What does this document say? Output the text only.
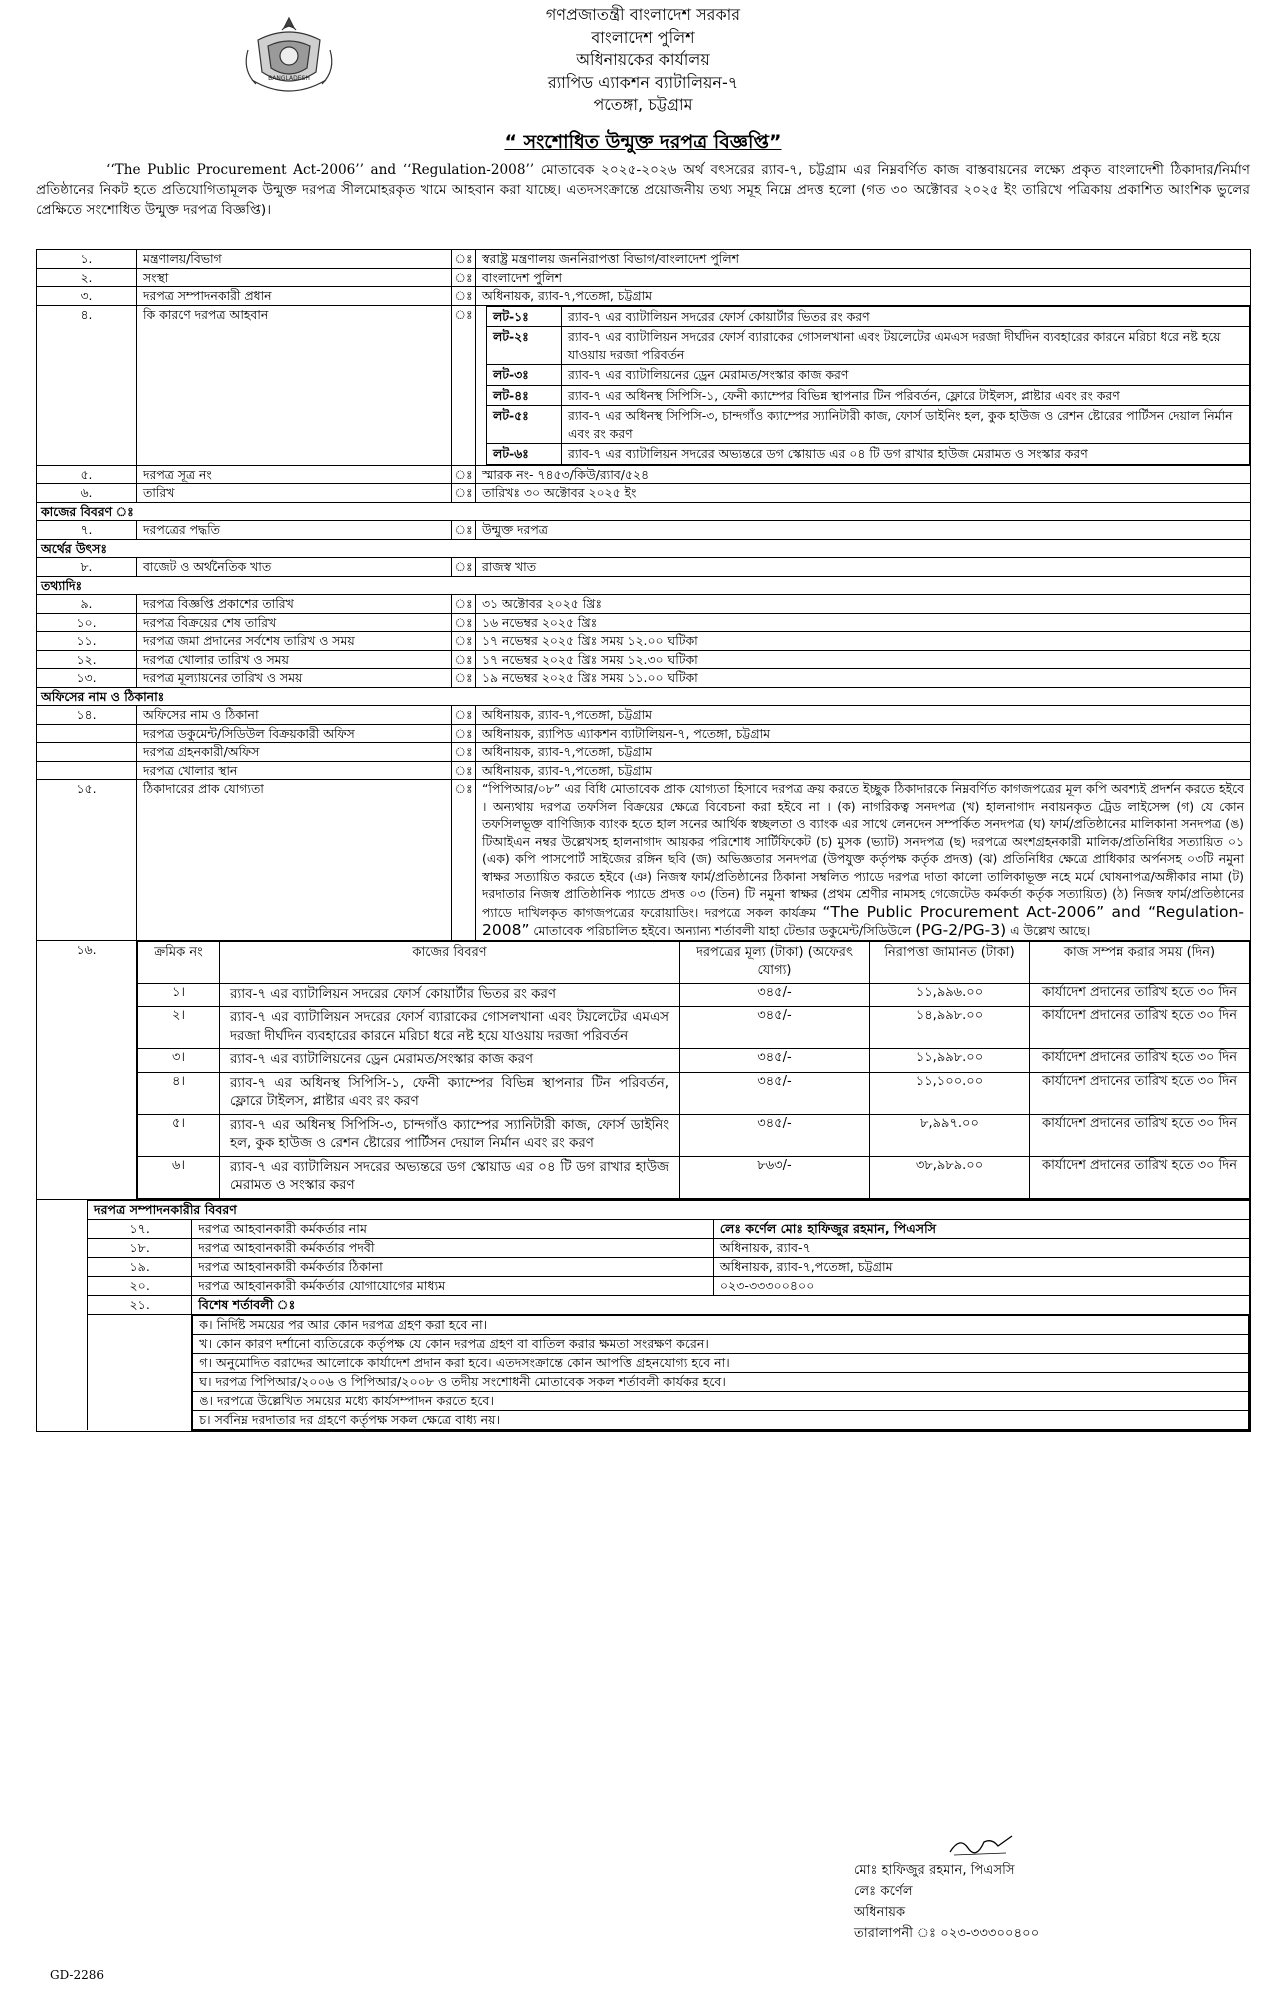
BANGLADESH
গণপ্রজাতন্ত্রী বাংলাদেশ সরকার
বাংলাদেশ পুলিশ
অধিনায়কের কার্যালয়
র‌্যাপিড এ্যাকশন ব্যাটালিয়ন-৭
পতেঙ্গা, চট্টগ্রাম
“ সংশোধিত উন্মুক্ত দরপত্র বিজ্ঞপ্তি”
‘‘The Public Procurement Act-2006’’ and ‘‘Regulation-2008’’ মোতাবেক ২০২৫-২০২৬ অর্থ বৎসরের র‌্যাব-৭, চট্টগ্রাম এর নিম্নবর্ণিত কাজ বাস্তবায়নের লক্ষ্যে প্রকৃত বাংলাদেশী ঠিকাদার/নির্মাণ প্রতিষ্ঠানের নিকট হতে প্রতিযোগিতামূলক উন্মুক্ত দরপত্র সীলমোহরকৃত খামে আহবান করা যাচ্ছে। এতদসংক্রান্তে প্রয়োজনীয় তথ্য সমূহ নিম্নে প্রদত্ত হলো (গত ৩০ অক্টোবর ২০২৫ ইং তারিখে পত্রিকায় প্রকাশিত আংশিক ভুলের প্রেক্ষিতে সংশোধিত উন্মুক্ত দরপত্র বিজ্ঞপ্তি)।
১.	মন্ত্রণালয়/বিভাগ	ঃ	স্বরাষ্ট্র মন্ত্রণালয় জননিরাপত্তা বিভাগ/বাংলাদেশ পুলিশ
২.	সংস্থা	ঃ	বাংলাদেশ পুলিশ
৩.	দরপত্র সম্পাদনকারী প্রধান	ঃ	অধিনায়ক, র‌্যাব-৭,পতেঙ্গা, চট্টগ্রাম
৪.	কি কারণে দরপত্র আহবান	ঃ	লট-১ঃ	র‌্যাব-৭ এর ব্যাটালিয়ন সদরের ফোর্স কোয়ার্টার ভিতর রং করণ
লট-২ঃ	র‌্যাব-৭ এর ব্যাটালিয়ন সদরের ফোর্স ব্যারাকের গোসলখানা এবং টয়লেটের এমএস দরজা দীর্ঘদিন ব্যবহারের কারনে মরিচা ধরে নষ্ট হয়ে যাওয়ায় দরজা পরিবর্তন
লট-৩ঃ	র‌্যাব-৭ এর ব্যাটালিয়নের ড্রেন মেরামত/সংস্কার কাজ করণ
লট-৪ঃ	র‌্যাব-৭ এর অধিনস্থ সিপিসি-১, ফেনী ক্যাম্পের বিভিন্ন স্থাপনার টিন পরিবর্তন, ফ্লোরে টাইলস, প্লাষ্টার এবং রং করণ
লট-৫ঃ	র‌্যাব-৭ এর অধিনস্থ সিপিসি-৩, চান্দগাঁও ক্যাম্পের স্যানিটারী কাজ, ফোর্স ডাইনিং হল, কুক হাউজ ও রেশন ষ্টোরের পার্টিসন দেয়াল নির্মান এবং রং করণ
লট-৬ঃ	র‌্যাব-৭ এর ব্যাটালিয়ন সদরের অভ্যন্তরে ডগ স্কোয়াড এর ০৪ টি ডগ রাখার হাউজ মেরামত ও সংস্কার করণ

৫.	দরপত্র সূত্র নং	ঃ	স্মারক নং- ৭৪৫৩/কিউ/র‌্যাব/৫২৪
৬.	তারিখ	ঃ	তারিখঃ ৩০ অক্টোবর ২০২৫ ইং
কাজের বিবরণ ঃ
৭.	দরপত্রের পদ্ধতি	ঃ	উন্মুক্ত দরপত্র
অর্থের উৎসঃ
৮.	বাজেট ও অর্থনৈতিক খাত	ঃ	রাজস্ব খাত
তথ্যাদিঃ
৯.	দরপত্র বিজ্ঞপ্তি প্রকাশের তারিখ	ঃ	৩১ অক্টোবর ২০২৫ খ্রিঃ
১০.	দরপত্র বিক্রয়ের শেষ তারিখ	ঃ	১৬ নভেম্বর ২০২৫ খ্রিঃ
১১.	দরপত্র জমা প্রদানের সর্বশেষ তারিখ ও সময়	ঃ	১৭ নভেম্বর ২০২৫ খ্রিঃ সময় ১২.০০ ঘটিকা
১২.	দরপত্র খোলার তারিখ ও সময়	ঃ	১৭ নভেম্বর ২০২৫ খ্রিঃ সময় ১২.৩০ ঘটিকা
১৩.	দরপত্র মূল্যায়নের তারিখ ও সময়	ঃ	১৯ নভেম্বর ২০২৫ খ্রিঃ সময় ১১.০০ ঘটিকা
অফিসের নাম ও ঠিকানাঃ
১৪.	অফিসের নাম ও ঠিকানা	ঃ	অধিনায়ক, র‌্যাব-৭,পতেঙ্গা, চট্টগ্রাম
	দরপত্র ডকুমেন্ট/সিডিউল বিক্রয়কারী অফিস	ঃ	অধিনায়ক, র‌্যাপিড এ্যাকশন ব্যাটালিয়ন-৭, পতেঙ্গা, চট্টগ্রাম
	দরপত্র গ্রহনকারী/অফিস	ঃ	অধিনায়ক, র‌্যাব-৭,পতেঙ্গা, চট্টগ্রাম
	দরপত্র খোলার স্থান	ঃ	অধিনায়ক, র‌্যাব-৭,পতেঙ্গা, চট্টগ্রাম
১৫.	ঠিকাদারের প্রাক যোগ্যতা	ঃ	“পিপিআর/০৮” এর বিধি মোতাবেক প্রাক যোগ্যতা হিসাবে দরপত্র ক্রয় করতে ইচ্ছুক ঠিকাদারকে নিম্নবর্ণিত কাগজপত্রের মূল কপি অবশ্যই প্রদর্শন করতে হইবে । অন্যথায় দরপত্র তফসিল বিক্রয়ের ক্ষেত্রে বিবেচনা করা হইবে না । (ক) নাগরিকত্ব সনদপত্র (খ) হালনাগাদ নবায়নকৃত ট্রেড লাইসেন্স (গ) যে কোন তফসিলভূক্ত বাণিজ্যিক ব্যাংক হতে হাল সনের আর্থিক স্বচ্ছলতা ও ব্যাংক এর সাথে লেনদেন সম্পর্কিত সনদপত্র (ঘ) ফার্ম/প্রতিষ্ঠানের মালিকানা সনদপত্র (ঙ) টিআইএন নম্বর উল্লেখসহ হালনাগাদ আয়কর পরিশোধ সার্টিফিকেট (চ) মুসক (ভ্যাট) সনদপত্র (ছ) দরপত্রে অংশগ্রহনকারী মালিক/প্রতিনিধির সত্যায়িত ০১ (এক) কপি পাসপোর্ট সাইজের রঙ্গিন ছবি (জ) অভিজ্ঞতার সনদপত্র (উপযুক্ত কর্তৃপক্ষ কর্তৃক প্রদত্ত) (ঝ) প্রতিনিধির ক্ষেত্রে প্রাধিকার অর্পনসহ ০৩টি নমুনা স্বাক্ষর সত্যায়িত করতে হইবে (ঞ) নিজস্ব ফার্ম/প্রতিষ্ঠানের ঠিকানা সম্বলিত প্যাডে দরপত্র দাতা কালো তালিকাভূক্ত নহে মর্মে ঘোষনাপত্র/অঙ্গীকার নামা (ট) দরদাতার নিজস্ব প্রাতিষ্ঠানিক প্যাডে প্রদত্ত ০৩ (তিন) টি নমুনা স্বাক্ষর (প্রথম শ্রেণীর নামসহ গেজেটেড কর্মকর্তা কর্তৃক সত্যায়িত) (ঠ) নিজস্ব ফার্ম/প্রতিষ্ঠানের প্যাডে দাখিলকৃত কাগজপত্রের ফরোয়াডিং। দরপত্রে সকল কার্যক্রম “The Public Procurement Act-2006” and “Regulation-2008” মোতাবেক পরিচালিত হইবে। অন্যান্য শর্তাবলী যাহা টেন্ডার ডকুমেন্ট/সিডিউলে (PG-2/PG-3) এ উল্লেখ আছে।
১৬.		ক্রমিক নং	কাজের বিবরণ	দরপত্রের মূল্য (টাকা) (অফেরৎ যোগ্য)	নিরাপত্তা জামানত (টাকা)	কাজ সম্পন্ন করার সময় (দিন)
১।	র‌্যাব-৭ এর ব্যাটালিয়ন সদরের ফোর্স কোয়ার্টার ভিতর রং করণ	৩৪৫/-	১১,৯৯৬.০০	কার্যাদেশ প্রদানের তারিখ হতে ৩০ দিন
২।	র‌্যাব-৭ এর ব্যাটালিয়ন সদরের ফোর্স ব্যারাকের গোসলখানা এবং টয়লেটের এমএস দরজা দীর্ঘদিন ব্যবহারের কারনে মরিচা ধরে নষ্ট হয়ে যাওয়ায় দরজা পরিবর্তন	৩৪৫/-	১৪,৯৯৮.০০	কার্যাদেশ প্রদানের তারিখ হতে ৩০ দিন
৩।	র‌্যাব-৭ এর ব্যাটালিয়নের ড্রেন মেরামত/সংস্কার কাজ করণ	৩৪৫/-	১১,৯৯৮.০০	কার্যাদেশ প্রদানের তারিখ হতে ৩০ দিন
৪।	র‌্যাব-৭ এর অধিনস্থ সিপিসি-১, ফেনী ক্যাম্পের বিভিন্ন স্থাপনার টিন পরিবর্তন, ফ্লোরে টাইলস, প্লাষ্টার এবং রং করণ	৩৪৫/-	১১,১০০.০০	কার্যাদেশ প্রদানের তারিখ হতে ৩০ দিন
৫।	র‌্যাব-৭ এর অধিনস্থ সিপিসি-৩, চান্দগাঁও ক্যাম্পের স্যানিটারী কাজ, ফোর্স ডাইনিং হল, কুক হাউজ ও রেশন ষ্টোরের পার্টিসন দেয়াল নির্মান এবং রং করণ	৩৪৫/-	৮,৯৯৭.০০	কার্যাদেশ প্রদানের তারিখ হতে ৩০ দিন
৬।	র‌্যাব-৭ এর ব্যাটালিয়ন সদরের অভ্যন্তরে ডগ স্কোয়াড এর ০৪ টি ডগ রাখার হাউজ মেরামত ও সংস্কার করণ	৮৬৩/-	৩৮,৯৮৯.০০	কার্যাদেশ প্রদানের তারিখ হতে ৩০ দিন

দরপত্র সম্পাদনকারীর বিবরণ
১৭.	দরপত্র আহবানকারী কর্মকর্তার নাম	লেঃ কর্ণেল মোঃ হাফিজুর রহমান, পিএসসি
১৮.	দরপত্র আহবানকারী কর্মকর্তার পদবী	অধিনায়ক, র‌্যাব-৭
১৯.	দরপত্র আহবানকারী কর্মকর্তার ঠিকানা	অধিনায়ক, র‌্যাব-৭,পতেঙ্গা, চট্টগ্রাম
২০.	দরপত্র আহবানকারী কর্মকর্তার যোগাযোগের মাধ্যম	০২৩-৩৩৩০০৪০০
২১.	বিশেষ শর্তাবলী ঃ

ক। নির্দিষ্ট সময়ের পর আর কোন দরপত্র গ্রহণ করা হবে না।
খ। কোন কারণ দর্শানো ব্যতিরেকে কর্তৃপক্ষ যে কোন দরপত্র গ্রহণ বা বাতিল করার ক্ষমতা সংরক্ষণ করেন।
গ। অনুমোদিত বরাদ্দের আলোকে কার্যাদেশ প্রদান করা হবে। এতদসংক্রান্তে কোন আপত্তি গ্রহনযোগ্য হবে না।
ঘ। দরপত্র পিপিআর/২০০৬ ও পিপিআর/২০০৮ ও তদীয় সংশোধনী মোতাবেক সকল শর্তাবলী কার্যকর হবে।
ঙ। দরপত্রে উল্লেখিত সময়ের মধ্যে কার্যসম্পাদন করতে হবে।
চ। সর্বনিম্ন দরদাতার দর গ্রহণে কর্তৃপক্ষ সকল ক্ষেত্রে বাধ্য নয়।
মোঃ হাফিজুর রহমান, পিএসসি
লেঃ কর্ণেল
অধিনায়ক
তারালাপনী ঃ ০২৩-৩৩৩০০৪০০
GD-2286
